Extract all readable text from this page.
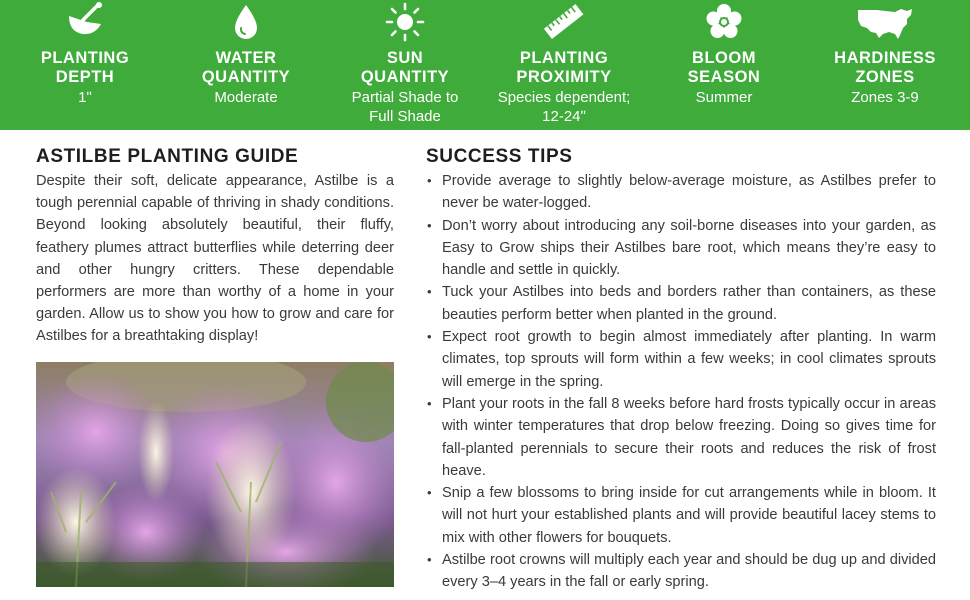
PLANTING
DEPTH
1ʺ
WATER
QUANTITY
Moderate
SUN
QUANTITY
Partial Shade to
Full Shade
PLANTING
PROXIMITY
Species dependent;
12-24ʺ
BLOOM
SEASON
Summer
HARDINESS
ZONES
Zones 3-9
ASTILBE PLANTING GUIDE

Despite their soft, delicate appearance, Astilbe is a tough perennial capable of thriving in shady conditions. Beyond looking absolutely beautiful, their fluffy, feathery plumes attract butterflies while deterring deer and other hungry critters. These dependable performers are more than worthy of a home in your garden. Allow us to show you how to grow and care for Astilbes for a breathtaking display!

SUCCESS TIPS
• Provide average to slightly below-average moisture, as Astilbes prefer to never be water-logged.
• Don’t worry about introducing any soil-borne diseases into your garden, as Easy to Grow ships their Astilbes bare root, which means they’re easy to handle and settle in quickly.
• Tuck your Astilbes into beds and borders rather than containers, as these beauties perform better when planted in the ground.
• Expect root growth to begin almost immediately after planting. In warm climates, top sprouts will form within a few weeks; in cool climates sprouts will emerge in the spring.
• Plant your roots in the fall 8 weeks before hard frosts typically occur in areas with winter temperatures that drop below freezing. Doing so gives time for fall-planted perennials to secure their roots and reduces the risk of frost heave.
• Snip a few blossoms to bring inside for cut arrangements while in bloom. It will not hurt your established plants and will provide beautiful lacey stems to mix with other flowers for bouquets.
• Astilbe root crowns will multiply each year and should be dug up and divided every 3–4 years in the fall or early spring.
